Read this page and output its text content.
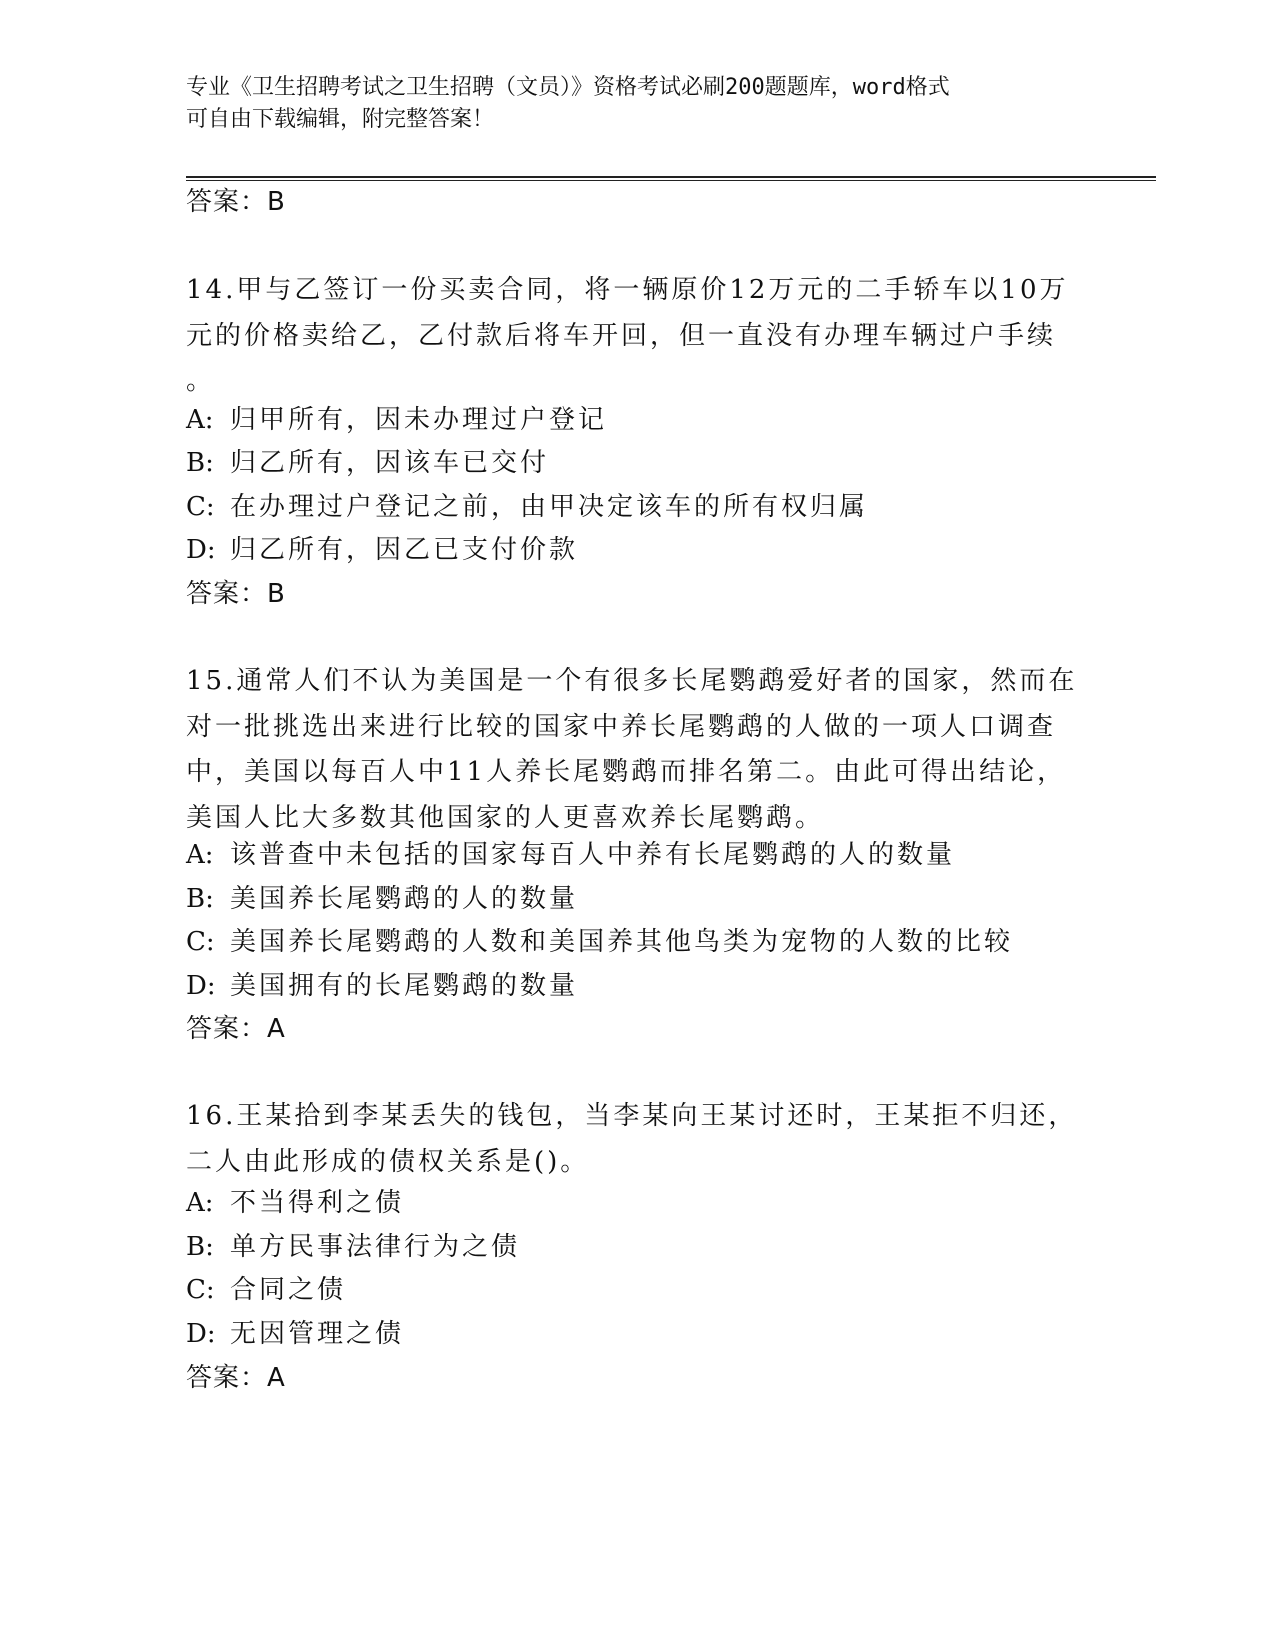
专业《卫生招聘考试之卫生招聘（文员）》资格考试必刷200题题库，word格式
可自由下载编辑，附完整答案！
答案：B
14.甲与乙签订一份买卖合同，将一辆原价12万元的二手轿车以10万
元的价格卖给乙，乙付款后将车开回，但一直没有办理车辆过户手续
。
A: 归甲所有，因未办理过户登记
B: 归乙所有，因该车已交付
C: 在办理过户登记之前，由甲决定该车的所有权归属
D: 归乙所有，因乙已支付价款
答案：B
15.通常人们不认为美国是一个有很多长尾鹦鹉爱好者的国家，然而在
对一批挑选出来进行比较的国家中养长尾鹦鹉的人做的一项人口调查
中，美国以每百人中11人养长尾鹦鹉而排名第二。由此可得出结论，
美国人比大多数其他国家的人更喜欢养长尾鹦鹉。
A: 该普查中未包括的国家每百人中养有长尾鹦鹉的人的数量
B: 美国养长尾鹦鹉的人的数量
C: 美国养长尾鹦鹉的人数和美国养其他鸟类为宠物的人数的比较
D: 美国拥有的长尾鹦鹉的数量
答案：A
16.王某拾到李某丢失的钱包，当李某向王某讨还时，王某拒不归还，
二人由此形成的债权关系是()。
A: 不当得利之债
B: 单方民事法律行为之债
C: 合同之债
D: 无因管理之债
答案：A
